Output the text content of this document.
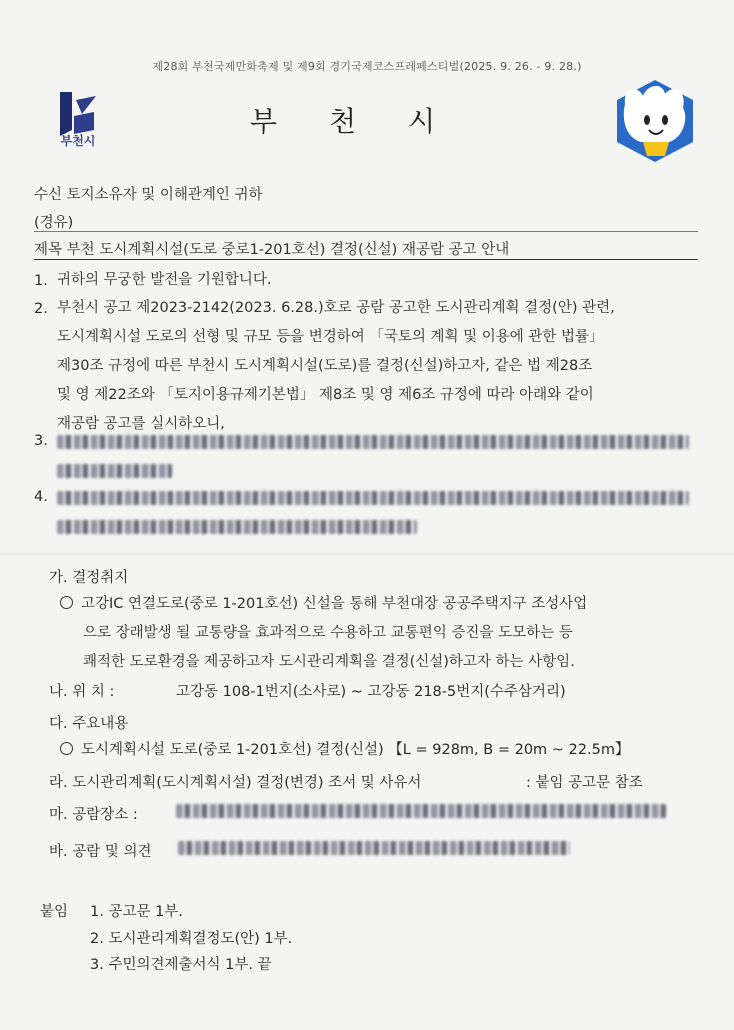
제28회 부천국제만화축제 및 제9회 경기국제코스프레페스티벌(2025. 9. 26. - 9. 28.)
부천시
부천시
수신 토지소유자 및 이해관계인 귀하
(경유)
제목 부천 도시계획시설(도로 중로1-201호선) 결정(신설) 재공람 공고 안내
1. 귀하의 무궁한 발전을 기원합니다.
2. 부천시 공고 제2023-2142(2023. 6.28.)호로 공람 공고한 도시관리계획 결정(안) 관련,
도시계획시설 도로의 선형 및 규모 등을 변경하여 「국토의 계획 및 이용에 관한 법률」
제30조 규정에 따른 부천시 도시계획시설(도로)를 결정(신설)하고자, 같은 법 제28조
및 영 제22조와 「토지이용규제기본법」 제8조 및 영 제6조 규정에 따라 아래와 같이
재공람 공고를 실시하오니,
3.
4.
가. 결정취지
고강IC 연결도로(중로 1-201호선) 신설을 통해 부천대장 공공주택지구 조성사업
으로 장래발생 될 교통량을 효과적으로 수용하고 교통편익 증진을 도모하는 등
쾌적한 도로환경을 제공하고자 도시관리계획을 결정(신설)하고자 하는 사항임.
나. 위 치 :	고강동 108-1번지(소사로) ~ 고강동 218-5번지(수주삼거리)
다. 주요내용
도시계획시설 도로(중로 1-201호선) 결정(신설) 【L = 928m, B = 20m ~ 22.5m】
라. 도시관리계획(도시계획시설) 결정(변경) 조서 및 사유서	: 붙임 공고문 참조
마. 공람장소 :
바. 공람 및 의견
붙임 1. 공고문 1부.
2. 도시관리계획결정도(안) 1부.
3. 주민의견제출서식 1부. 끝
